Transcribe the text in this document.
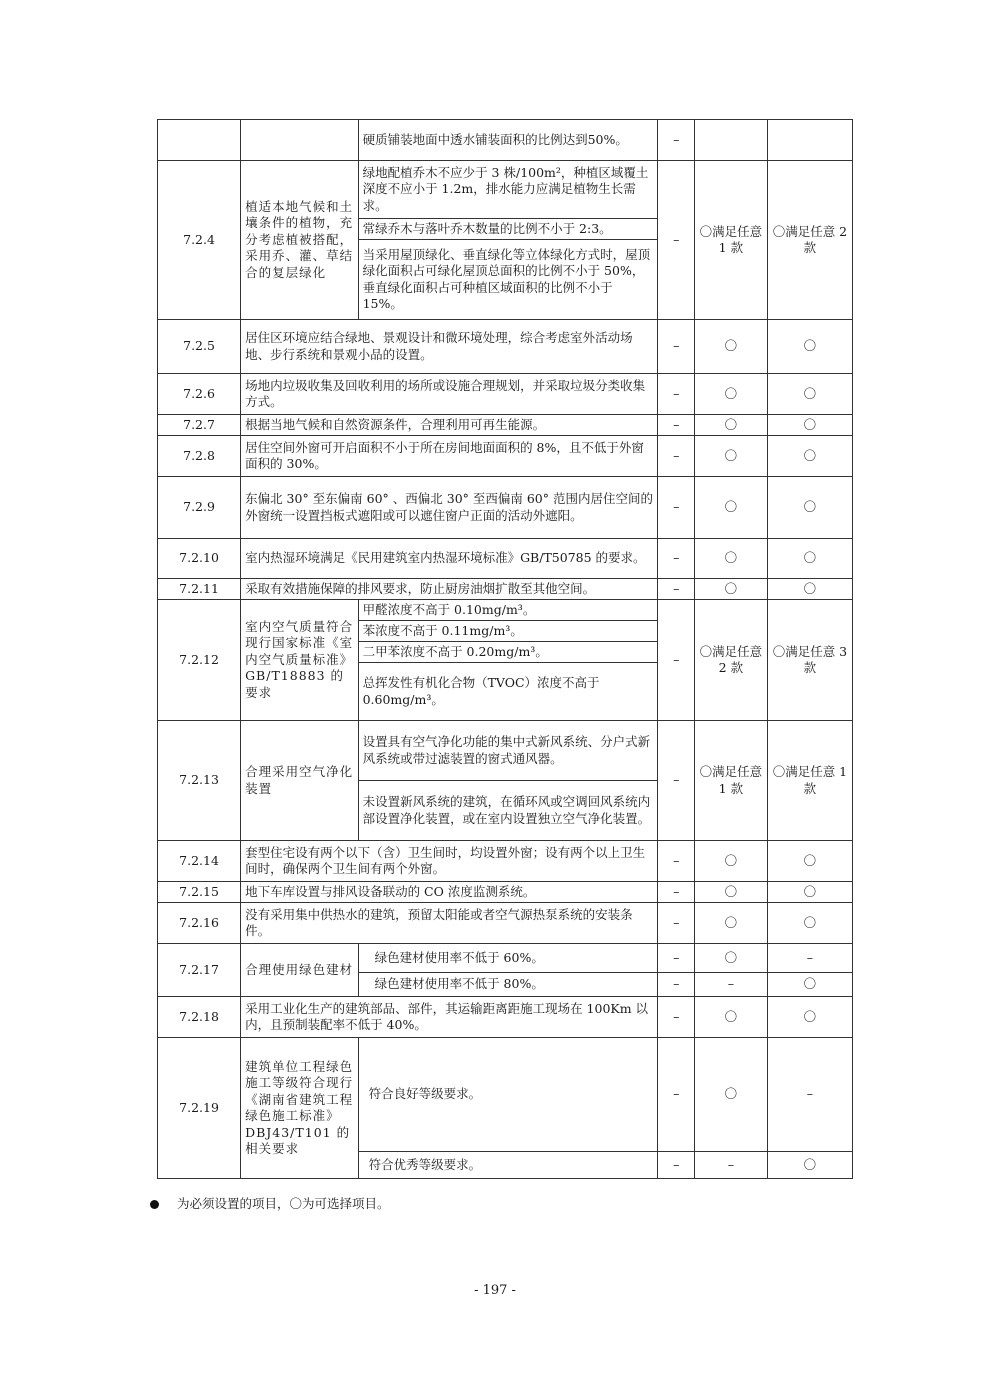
		硬质铺装地面中透水铺装面积的比例达到50%。	–		
7.2.4	植适本地气候和土壤条件的植物，充分考虑植被搭配，采用乔、灌、草结合的复层绿化	绿地配植乔木不应少于 3 株/100m²，种植区域覆土深度不应小于 1.2m，排水能力应满足植物生长需求。	–	〇满足任意 1 款	〇满足任意 2 款
		常绿乔木与落叶乔木数量的比例不小于 2:3。			
		当采用屋顶绿化、垂直绿化等立体绿化方式时，屋顶绿化面积占可绿化屋顶总面积的比例不小于 50%，垂直绿化面积占可种植区域面积的比例不小于 15%。			
7.2.5	居住区环境应结合绿地、景观设计和微环境处理，综合考虑室外活动场地、步行系统和景观小品的设置。		–	〇	〇
7.2.6	场地内垃圾收集及回收利用的场所或设施合理规划，并采取垃圾分类收集方式。		–	〇	〇
7.2.7	根据当地气候和自然资源条件，合理利用可再生能源。		–	〇	〇
7.2.8	居住空间外窗可开启面积不小于所在房间地面面积的 8%，且不低于外窗面积的 30%。		–	〇	〇
7.2.9	东偏北 30° 至东偏南 60° 、西偏北 30° 至西偏南 60° 范围内居住空间的外窗统一设置挡板式遮阳或可以遮住窗户正面的活动外遮阳。		–	〇	〇
7.2.10	室内热湿环境满足《民用建筑室内热湿环境标准》GB/T50785 的要求。		–	〇	〇
7.2.11	采取有效措施保障的排风要求，防止厨房油烟扩散至其他空间。		–	〇	〇
7.2.12	室内空气质量符合现行国家标准《室内空气质量标准》GB/T18883 的要求	甲醛浓度不高于 0.10mg/m³。	–	〇满足任意 2 款	〇满足任意 3 款
		苯浓度不高于 0.11mg/m³。			
		二甲苯浓度不高于 0.20mg/m³。			
		总挥发性有机化合物（TVOC）浓度不高于 0.60mg/m³。			
7.2.13	合理采用空气净化装置	设置具有空气净化功能的集中式新风系统、分户式新风系统或带过滤装置的窗式通风器。	–	〇满足任意 1 款	〇满足任意 1 款
		未设置新风系统的建筑，在循环风或空调回风系统内部设置净化装置，或在室内设置独立空气净化装置。			
7.2.14	套型住宅设有两个以下（含）卫生间时，均设置外窗；设有两个以上卫生间时，确保两个卫生间有两个外窗。		–	〇	〇
7.2.15	地下车库设置与排风设备联动的 CO 浓度监测系统。		–	〇	〇
7.2.16	没有采用集中供热水的建筑，预留太阳能或者空气源热泵系统的安装条件。		–	〇	〇
7.2.17	合理使用绿色建材	绿色建材使用率不低于 60%。	–	〇	–
		绿色建材使用率不低于 80%。	–	–	〇
7.2.18	采用工业化生产的建筑部品、部件，其运输距离距施工现场在 100Km 以内，且预制装配率不低于 40%。		–	〇	〇
7.2.19	建筑单位工程绿色施工等级符合现行《湖南省建筑工程绿色施工标准》DBJ43/T101 的相关要求	符合良好等级要求。	–	〇	–
		符合优秀等级要求。	–	–	〇
为必须设置的项目，〇为可选择项目。
- 197 -
